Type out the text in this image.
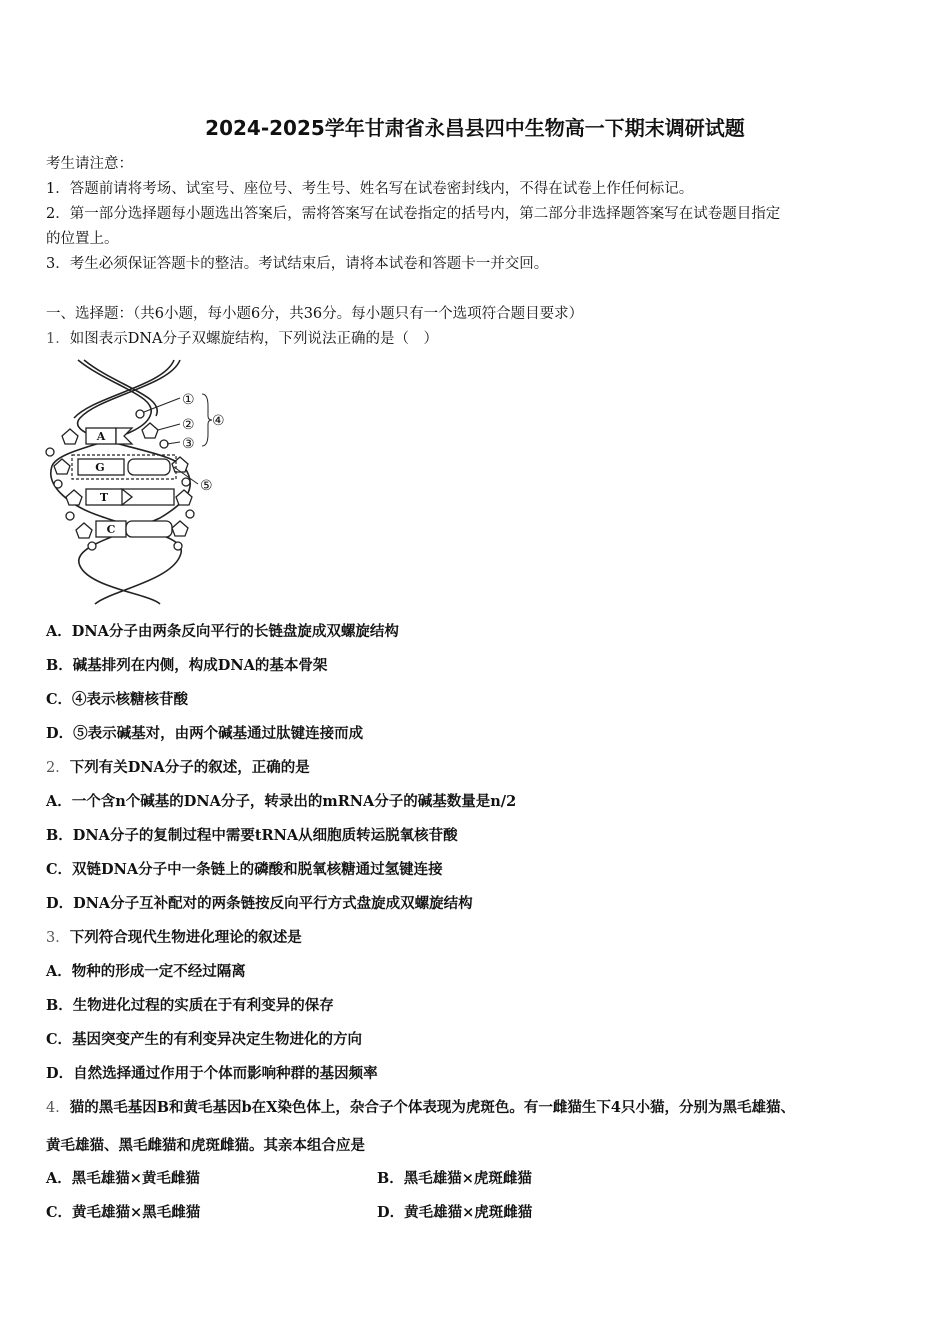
2024-2025学年甘肃省永昌县四中生物高一下期末调研试题
考生请注意：
1．答题前请将考场、试室号、座位号、考生号、姓名写在试卷密封线内，不得在试卷上作任何标记。
2．第一部分选择题每小题选出答案后，需将答案写在试卷指定的括号内，第二部分非选择题答案写在试卷题目指定
的位置上。
3．考生必须保证答题卡的整洁。考试结束后，请将本试卷和答题卡一并交回。
一、选择题：（共6小题，每小题6分，共36分。每小题只有一个选项符合题目要求）
1．如图表示DNA分子双螺旋结构，下列说法正确的是（　）
A
G
T
C
①
②
③
④
⑤
A．DNA分子由两条反向平行的长链盘旋成双螺旋结构
B．碱基排列在内侧，构成DNA的基本骨架
C．④表示核糖核苷酸
D．⑤表示碱基对，由两个碱基通过肽键连接而成
2．下列有关DNA分子的叙述，正确的是
A．一个含n个碱基的DNA分子，转录出的mRNA分子的碱基数量是n/2
B．DNA分子的复制过程中需要tRNA从细胞质转运脱氧核苷酸
C．双链DNA分子中一条链上的磷酸和脱氧核糖通过氢键连接
D．DNA分子互补配对的两条链按反向平行方式盘旋成双螺旋结构
3．下列符合现代生物进化理论的叙述是
A．物种的形成一定不经过隔离
B．生物进化过程的实质在于有利变异的保存
C．基因突变产生的有利变异决定生物进化的方向
D．自然选择通过作用于个体而影响种群的基因频率
4．猫的黑毛基因B和黄毛基因b在X染色体上，杂合子个体表现为虎斑色。有一雌猫生下4只小猫，分别为黑毛雄猫、
黄毛雄猫、黑毛雌猫和虎斑雌猫。其亲本组合应是
A．黑毛雄猫×黄毛雌猫	B．黑毛雄猫×虎斑雌猫
C．黄毛雄猫×黑毛雌猫	D．黄毛雄猫×虎斑雌猫
